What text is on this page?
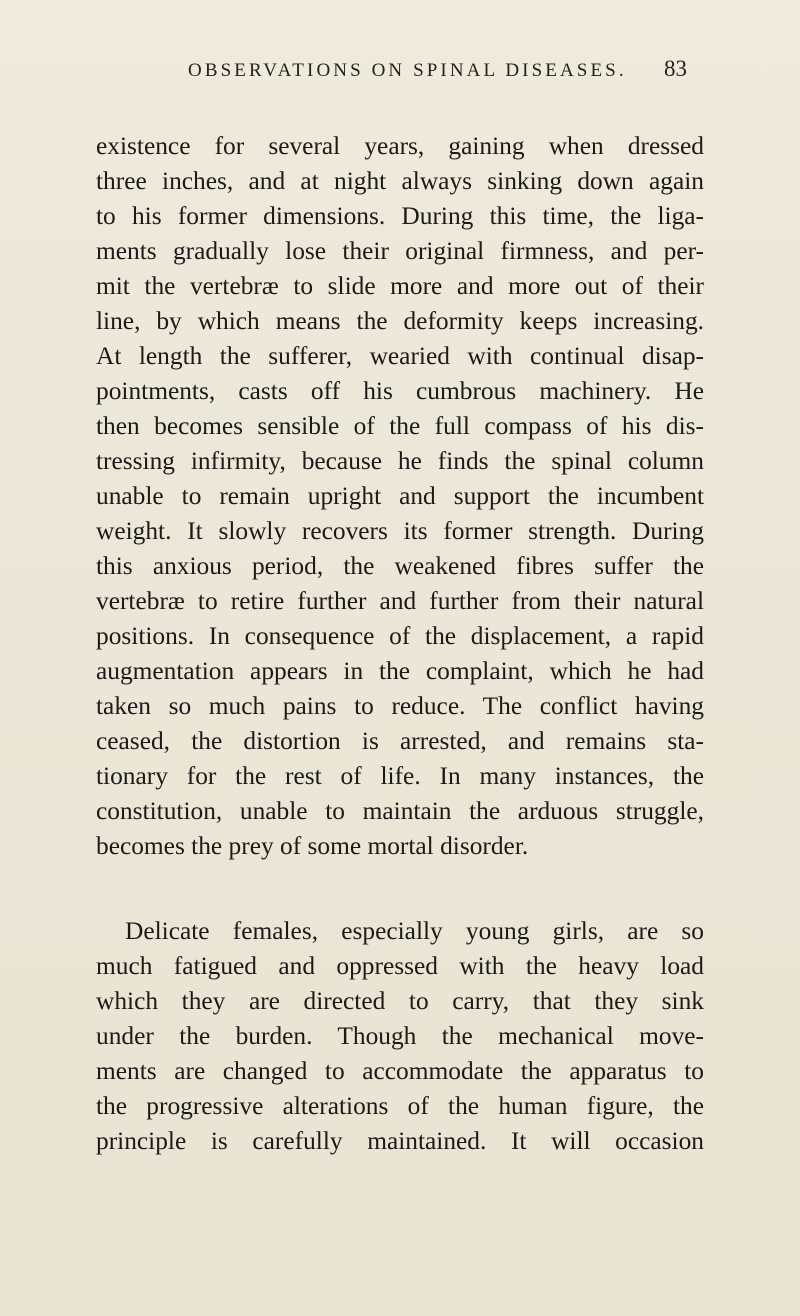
OBSERVATIONS ON SPINAL DISEASES. 83
existence for several years, gaining when dressed
three inches, and at night always sinking down again
to his former dimensions. During this time, the liga-
ments gradually lose their original firmness, and per-
mit the vertebræ to slide more and more out of their
line, by which means the deformity keeps increasing.
At length the sufferer, wearied with continual disap-
pointments, casts off his cumbrous machinery. He
then becomes sensible of the full compass of his dis-
tressing infirmity, because he finds the spinal column
unable to remain upright and support the incumbent
weight. It slowly recovers its former strength. During
this anxious period, the weakened fibres suffer the
vertebræ to retire further and further from their natural
positions. In consequence of the displacement, a rapid
augmentation appears in the complaint, which he had
taken so much pains to reduce. The conflict having
ceased, the distortion is arrested, and remains sta-
tionary for the rest of life. In many instances, the
constitution, unable to maintain the arduous struggle,
becomes the prey of some mortal disorder.
Delicate females, especially young girls, are so
much fatigued and oppressed with the heavy load
which they are directed to carry, that they sink
under the burden. Though the mechanical move-
ments are changed to accommodate the apparatus to
the progressive alterations of the human figure, the
principle is carefully maintained. It will occasion
